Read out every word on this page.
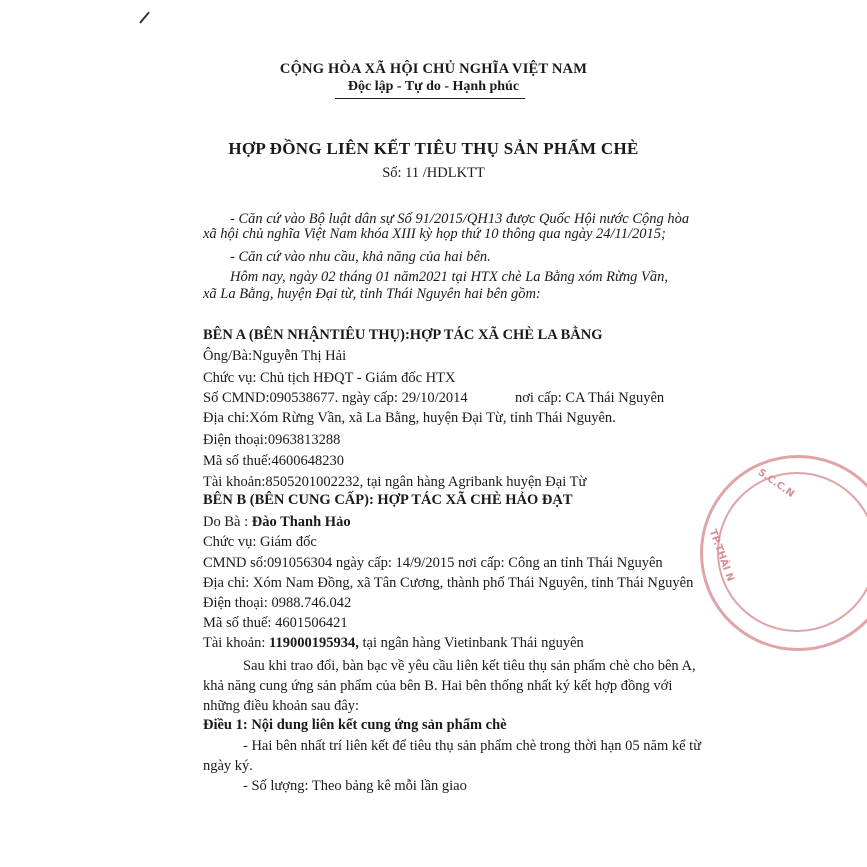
CỘNG HÒA XÃ HỘI CHỦ NGHĨA VIỆT NAM
Độc lập - Tự do - Hạnh phúc
HỢP ĐỒNG LIÊN KẾT TIÊU THỤ SẢN PHẨM CHÈ
Số: 11 /HDLKTT
- Căn cứ vào Bộ luật dân sự Số 91/2015/QH13 được Quốc Hội nước Cộng hòa
xã hội chủ nghĩa Việt Nam khóa XIII kỳ họp thứ 10 thông qua ngày 24/11/2015;
- Căn cứ vào nhu cầu, khả năng của hai bên.
Hôm nay, ngày 02 tháng 01 năm2021 tại HTX chè La Bằng xóm Rừng Vần,
xã La Bằng, huyện Đại từ, tỉnh Thái Nguyên hai bên gồm:
BÊN A (BÊN NHẬNTIÊU THỤ):HỢP TÁC XÃ CHÈ LA BẰNG
Ông/Bà:Nguyễn Thị Hải
Chức vụ: Chủ tịch HĐQT - Giám đốc HTX
Số CMND:090538677. ngày cấp: 29/10/2014	nơi cấp: CA Thái Nguyên
Địa chỉ:Xóm Rừng Vần, xã La Bằng, huyện Đại Từ, tỉnh Thái Nguyên.
Điện thoại:0963813288
Mã số thuế:4600648230
Tài khoản:8505201002232, tại ngân hàng Agribank huyện Đại Từ
BÊN B (BÊN CUNG CẤP): HỢP TÁC XÃ CHÈ HẢO ĐẠT
Do Bà : Đào Thanh Hảo
Chức vụ: Giám đốc
CMND số:091056304 ngày cấp: 14/9/2015 nơi cấp: Công an tỉnh Thái Nguyên
Địa chỉ: Xóm Nam Đồng, xã Tân Cương, thành phố Thái Nguyên, tỉnh Thái Nguyên
Điện thoại: 0988.746.042
Mã số thuế: 4601506421
Tài khoản: 119000195934, tại ngân hàng Vietinbank Thái nguyên
Sau khi trao đổi, bàn bạc về yêu cầu liên kết tiêu thụ sản phẩm chè cho bên A,
khả năng cung ứng sản phẩm của bên B. Hai bên thống nhất ký kết hợp đồng với
những điều khoản sau đây:
Điều 1: Nội dung liên kết cung ứng sản phẩm chè
- Hai bên nhất trí liên kết để tiêu thụ sản phẩm chè trong thời hạn 05 năm kể từ
ngày ký.
- Số lượng: Theo bảng kê mỗi lần giao
S.C.C.N
TP.THÁI N
